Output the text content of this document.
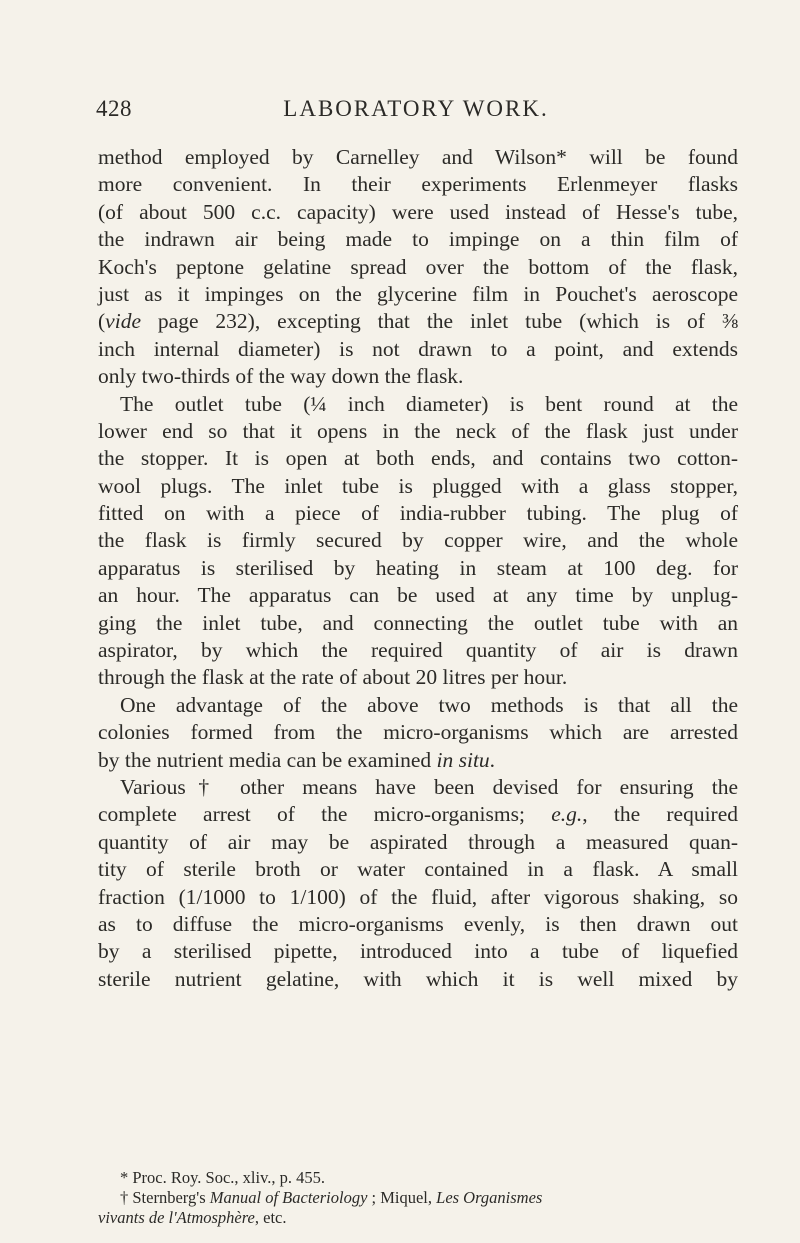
428	LABORATORY WORK.
method employed by Carnelley and Wilson* will be found
more convenient. In their experiments Erlenmeyer flasks
(of about 500 c.c. capacity) were used instead of Hesse's tube,
the indrawn air being made to impinge on a thin film of
Koch's peptone gelatine spread over the bottom of the flask,
just as it impinges on the glycerine film in Pouchet's aeroscope
(vide page 232), excepting that the inlet tube (which is of ⅜
inch internal diameter) is not drawn to a point, and extends
only two-thirds of the way down the flask.
The outlet tube (¼ inch diameter) is bent round at the
lower end so that it opens in the neck of the flask just under
the stopper. It is open at both ends, and contains two cotton-
wool plugs. The inlet tube is plugged with a glass stopper,
fitted on with a piece of india-rubber tubing. The plug of
the flask is firmly secured by copper wire, and the whole
apparatus is sterilised by heating in steam at 100 deg. for
an hour. The apparatus can be used at any time by unplug-
ging the inlet tube, and connecting the outlet tube with an
aspirator, by which the required quantity of air is drawn
through the flask at the rate of about 20 litres per hour.
One advantage of the above two methods is that all the
colonies formed from the micro-organisms which are arrested
by the nutrient media can be examined in situ.
Various† other means have been devised for ensuring the
complete arrest of the micro-organisms; e.g., the required
quantity of air may be aspirated through a measured quan-
tity of sterile broth or water contained in a flask. A small
fraction (1/1000 to 1/100) of the fluid, after vigorous shaking, so
as to diffuse the micro-organisms evenly, is then drawn out
by a sterilised pipette, introduced into a tube of liquefied
sterile nutrient gelatine, with which it is well mixed by
* Proc. Roy. Soc., xliv., p. 455.
† Sternberg's Manual of Bacteriology ; Miquel, Les Organismes
vivants de l'Atmosphère, etc.
